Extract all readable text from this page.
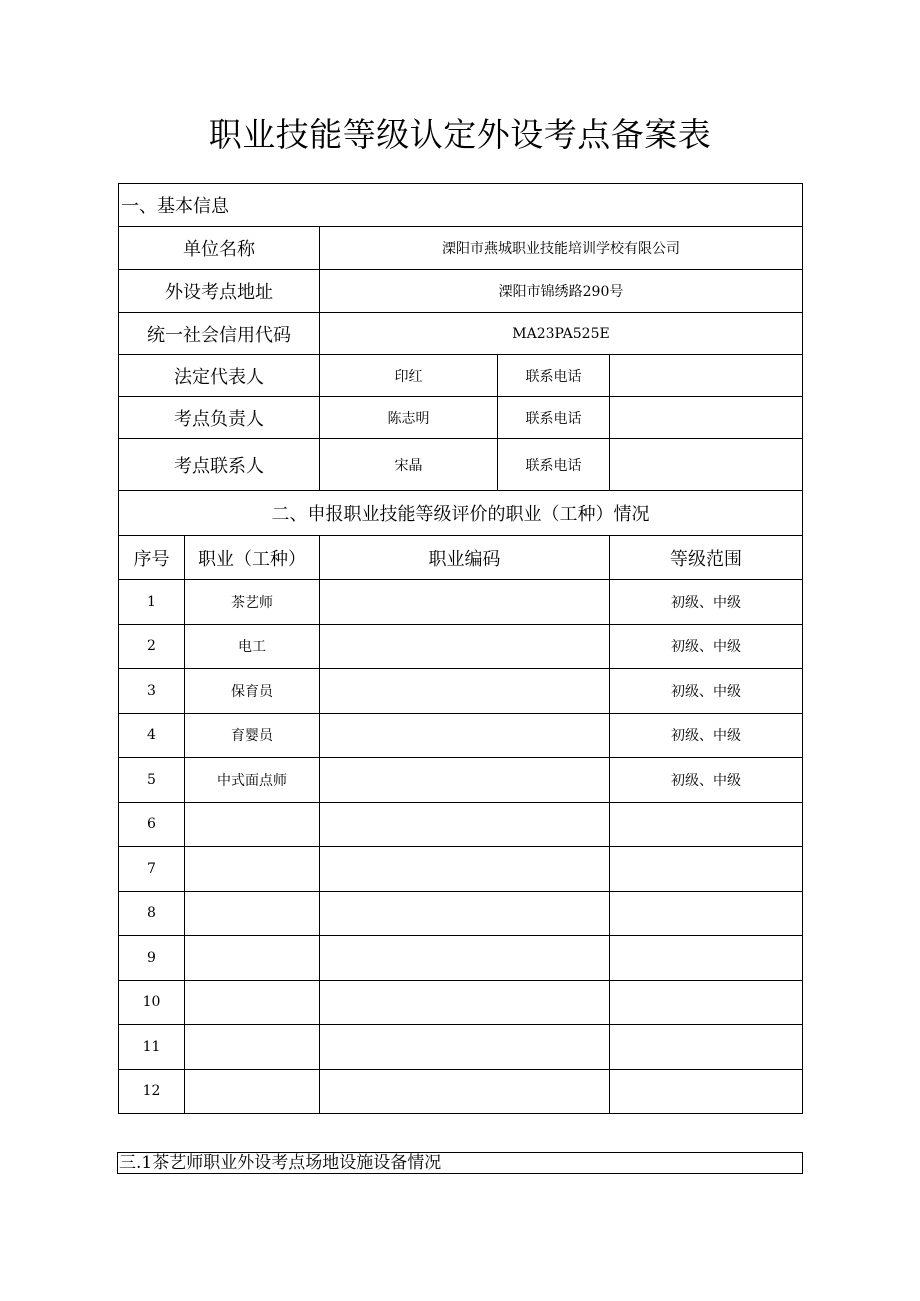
职业技能等级认定外设考点备案表
一、基本信息				
单位名称		溧阳市燕城职业技能培训学校有限公司		
外设考点地址		溧阳市锦绣路290号		
统一社会信用代码		MA23PA525E		
法定代表人		印红	联系电话	
考点负责人		陈志明	联系电话	
考点联系人		宋晶	联系电话	
二、申报职业技能等级评价的职业（工种）情况				
序号	职业（工种）	职业编码		等级范围
1	茶艺师			初级、中级
2	电工			初级、中级
3	保育员			初级、中级
4	育婴员			初级、中级
5	中式面点师			初级、中级
6				
7				
8				
9				
10				
11				
12				
三.1茶艺师职业外设考点场地设施设备情况
